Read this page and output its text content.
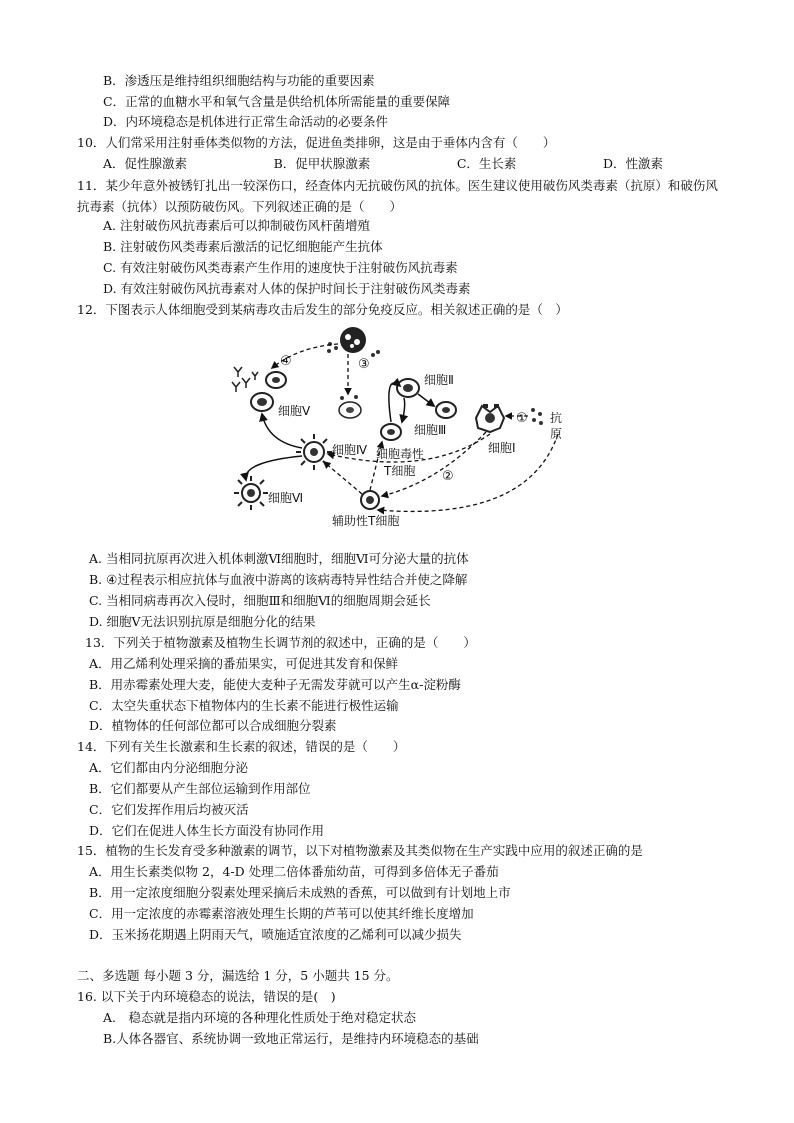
B．渗透压是维持组织细胞结构与功能的重要因素
C．正常的血糖水平和氧气含量是供给机体所需能量的重要保障
D．内环境稳态是机体进行正常生命活动的必要条件
10．人们常采用注射垂体类似物的方法，促进鱼类排卵，这是由于垂体内含有（　　）
A．促性腺激素	B．促甲状腺激素	C．生长素	D．性激素
11．某少年意外被锈钉扎出一较深伤口，经查体内无抗破伤风的抗体。医生建议使用破伤风类毒素（抗原）和破伤风抗毒素（抗体）以预防破伤风。下列叙述正确的是（　　）
A. 注射破伤风抗毒素后可以抑制破伤风杆菌增殖
B. 注射破伤风类毒素后激活的记忆细胞能产生抗体
C. 有效注射破伤风类毒素产生作用的速度快于注射破伤风抗毒素
D. 有效注射破伤风抗毒素对人体的保护时间长于注射破伤风类毒素
12．下图表示人体细胞受到某病毒攻击后发生的部分免疫反应。相关叙述正确的是（　）
①
②
③
④
细胞Ⅱ
细胞Ⅲ
细胞Ⅰ
细胞Ⅳ
细胞Ⅴ
细胞Ⅵ
细胞毒性
T细胞
辅助性T细胞
抗
原
A. 当相同抗原再次进入机体刺激Ⅵ细胞时，细胞Ⅵ可分泌大量的抗体
B. ④过程表示相应抗体与血液中游离的该病毒特异性结合并使之降解
C. 当相同病毒再次入侵时，细胞Ⅲ和细胞Ⅵ的细胞周期会延长
D. 细胞Ⅴ无法识别抗原是细胞分化的结果
13．下列关于植物激素及植物生长调节剂的叙述中，正确的是（　　）
A．用乙烯利处理采摘的番茄果实，可促进其发育和保鲜
B．用赤霉素处理大麦，能使大麦种子无需发芽就可以产生α-淀粉酶
C．太空失重状态下植物体内的生长素不能进行极性运输
D．植物体的任何部位都可以合成细胞分裂素
14．下列有关生长激素和生长素的叙述，错误的是（　　）
A．它们都由内分泌细胞分泌
B．它们都要从产生部位运输到作用部位
C．它们发挥作用后均被灭活
D．它们在促进人体生长方面没有协同作用
15．植物的生长发育受多种激素的调节，以下对植物激素及其类似物在生产实践中应用的叙述正确的是
A．用生长素类似物 2，4-D 处理二倍体番茄幼苗，可得到多倍体无子番茄
B．用一定浓度细胞分裂素处理采摘后未成熟的香蕉，可以做到有计划地上市
C．用一定浓度的赤霉素溶液处理生长期的芦苇可以使其纤维长度增加
D．玉米扬花期遇上阴雨天气，喷施适宜浓度的乙烯利可以减少损失
二、多选题 每小题 3 分，漏选给 1 分，5 小题共 15 分。
16. 以下关于内环境稳态的说法，错误的是(　)
A.　稳态就是指内环境的各种理化性质处于绝对稳定状态
B.人体各器官、系统协调一致地正常运行，是维持内环境稳态的基础
